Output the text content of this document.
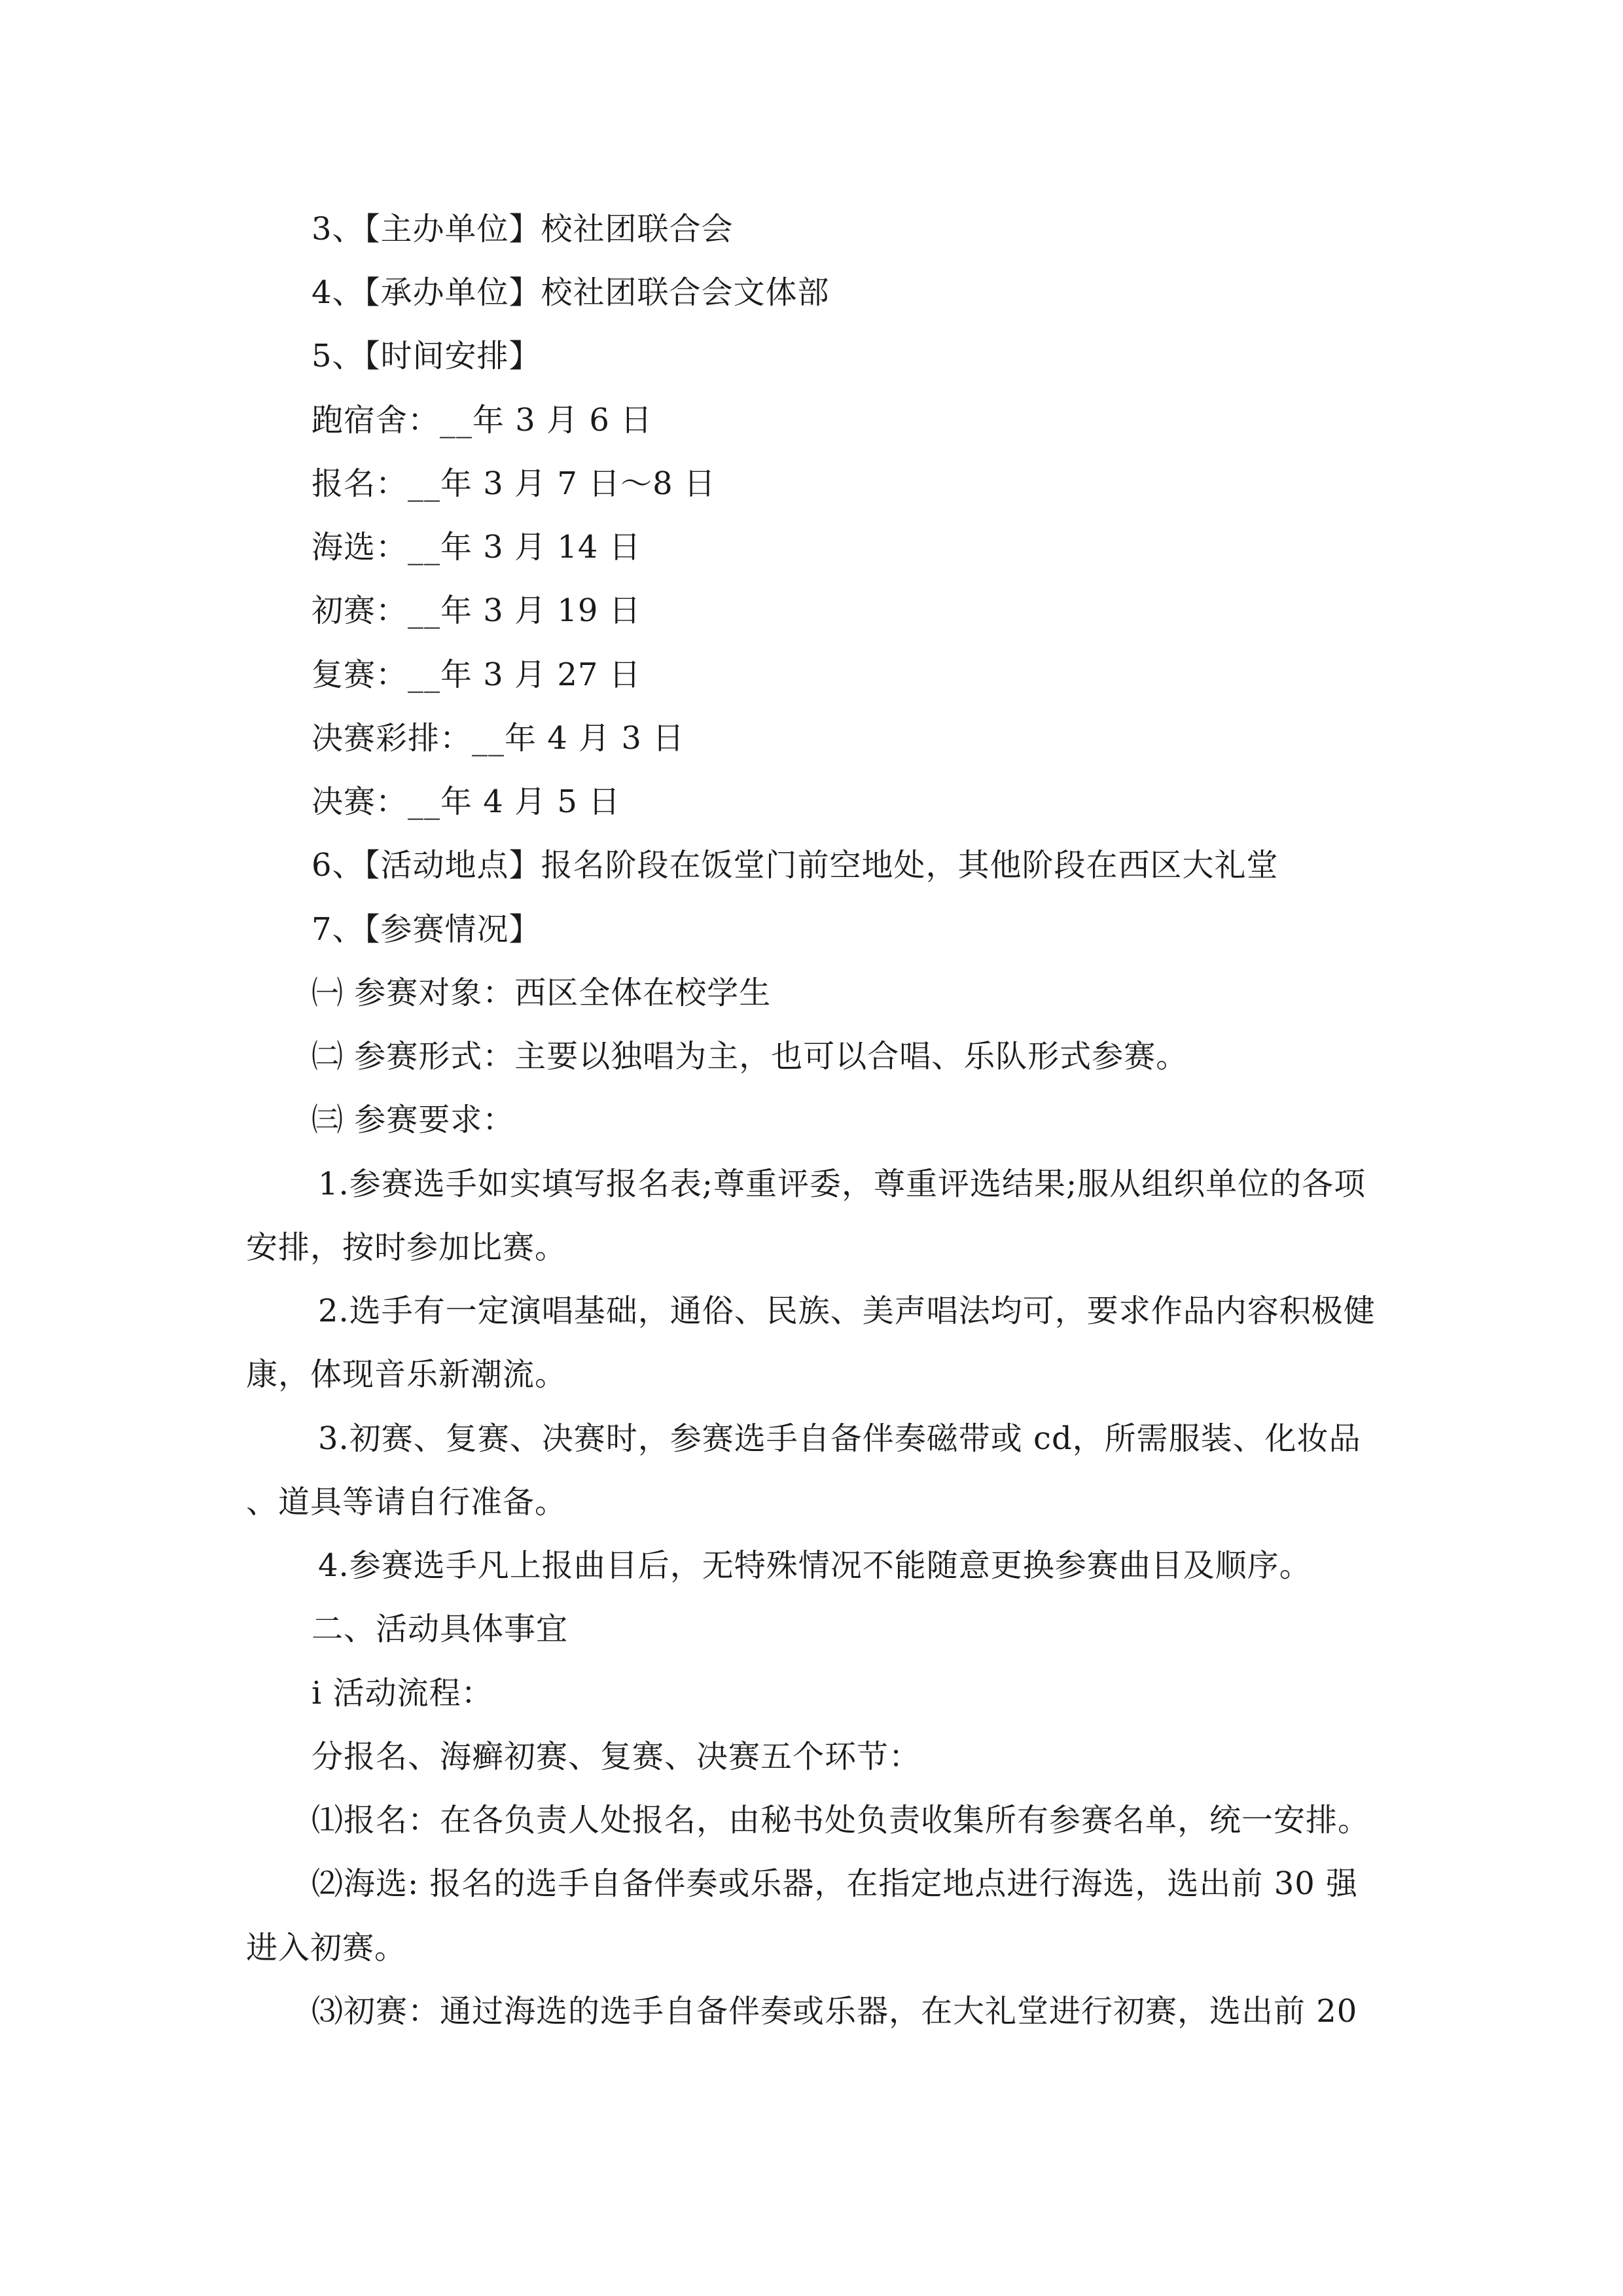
3、【主办单位】校社团联合会
4、【承办单位】校社团联合会文体部
5、【时间安排】
跑宿舍：__年 3 月 6 日
报名：__年 3 月 7 日～8 日
海选：__年 3 月 14 日
初赛：__年 3 月 19 日
复赛：__年 3 月 27 日
决赛彩排：__年 4 月 3 日
决赛：__年 4 月 5 日
6、【活动地点】报名阶段在饭堂门前空地处，其他阶段在西区大礼堂
7、【参赛情况】
㈠ 参赛对象：西区全体在校学生
㈡ 参赛形式：主要以独唱为主，也可以合唱、乐队形式参赛。
㈢ 参赛要求：
1.参赛选手如实填写报名表;尊重评委，尊重评选结果;服从组织单位的各项
安排，按时参加比赛。
2.选手有一定演唱基础，通俗、民族、美声唱法均可，要求作品内容积极健
康，体现音乐新潮流。
3.初赛、复赛、决赛时，参赛选手自备伴奏磁带或 cd，所需服装、化妆品
、道具等请自行准备。
4.参赛选手凡上报曲目后，无特殊情况不能随意更换参赛曲目及顺序。
二、活动具体事宜
i 活动流程：
分报名、海癣初赛、复赛、决赛五个环节：
⑴报名：在各负责人处报名，由秘书处负责收集所有参赛名单，统一安排。
⑵海选: 报名的选手自备伴奏或乐器，在指定地点进行海选，选出前 30 强
进入初赛。
⑶初赛：通过海选的选手自备伴奏或乐器，在大礼堂进行初赛，选出前 20
